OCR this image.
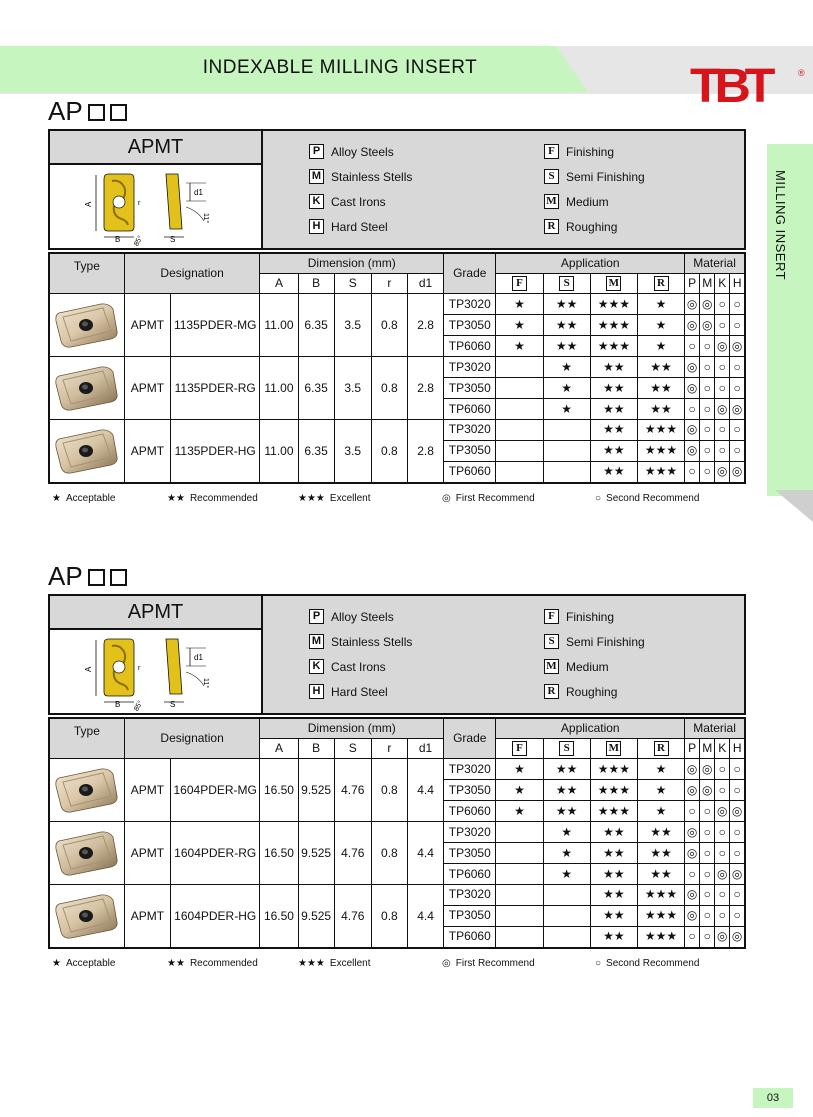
INDEXABLE MILLING INSERT	TBT	®
MILLING INSERT
AP
APMT
A
B
r
85°	S
d1
11°
P Alloy Steels
M Stainless Stells
K Cast Irons
H Hard Steel
F Finishing
S Semi Finishing
M Medium
R Roughing
Type	Designation		Dimension (mm)					Grade	Application				Material			
			A	B	S	r	d1		F	S	M	R	P	M	K	H

	APMT	1135PDER-MG	11.00	6.35	3.5	0.8	2.8	TP3020	★	★★	★★★	★	◎	◎	○	○
								TP3050	★	★★	★★★	★	◎	◎	○	○
								TP6060	★	★★	★★★	★	○	○	◎	◎

	APMT	1135PDER-RG	11.00	6.35	3.5	0.8	2.8	TP3020		★	★★	★★	◎	○	○	○
								TP3050		★	★★	★★	◎	○	○	○
								TP6060		★	★★	★★	○	○	◎	◎

	APMT	1135PDER-HG	11.00	6.35	3.5	0.8	2.8	TP3020			★★	★★★	◎	○	○	○
								TP3050			★★	★★★	◎	○	○	○
								TP6060			★★	★★★	○	○	◎	◎
★ Acceptable	★★ Recommended	★★★ Excellent	◎ First Recommend	○ Second Recommend
AP
APMT
A
B
r
85°	S
d1
11°
P Alloy Steels
M Stainless Stells
K Cast Irons
H Hard Steel
F Finishing
S Semi Finishing
M Medium
R Roughing
Type	Designation		Dimension (mm)					Grade	Application				Material			
			A	B	S	r	d1		F	S	M	R	P	M	K	H

	APMT	1604PDER-MG	16.50	9.525	4.76	0.8	4.4	TP3020	★	★★	★★★	★	◎	◎	○	○
								TP3050	★	★★	★★★	★	◎	◎	○	○
								TP6060	★	★★	★★★	★	○	○	◎	◎

	APMT	1604PDER-RG	16.50	9.525	4.76	0.8	4.4	TP3020		★	★★	★★	◎	○	○	○
								TP3050		★	★★	★★	◎	○	○	○
								TP6060		★	★★	★★	○	○	◎	◎

	APMT	1604PDER-HG	16.50	9.525	4.76	0.8	4.4	TP3020			★★	★★★	◎	○	○	○
								TP3050			★★	★★★	◎	○	○	○
								TP6060			★★	★★★	○	○	◎	◎
★ Acceptable	★★ Recommended	★★★ Excellent	◎ First Recommend	○ Second Recommend
03
